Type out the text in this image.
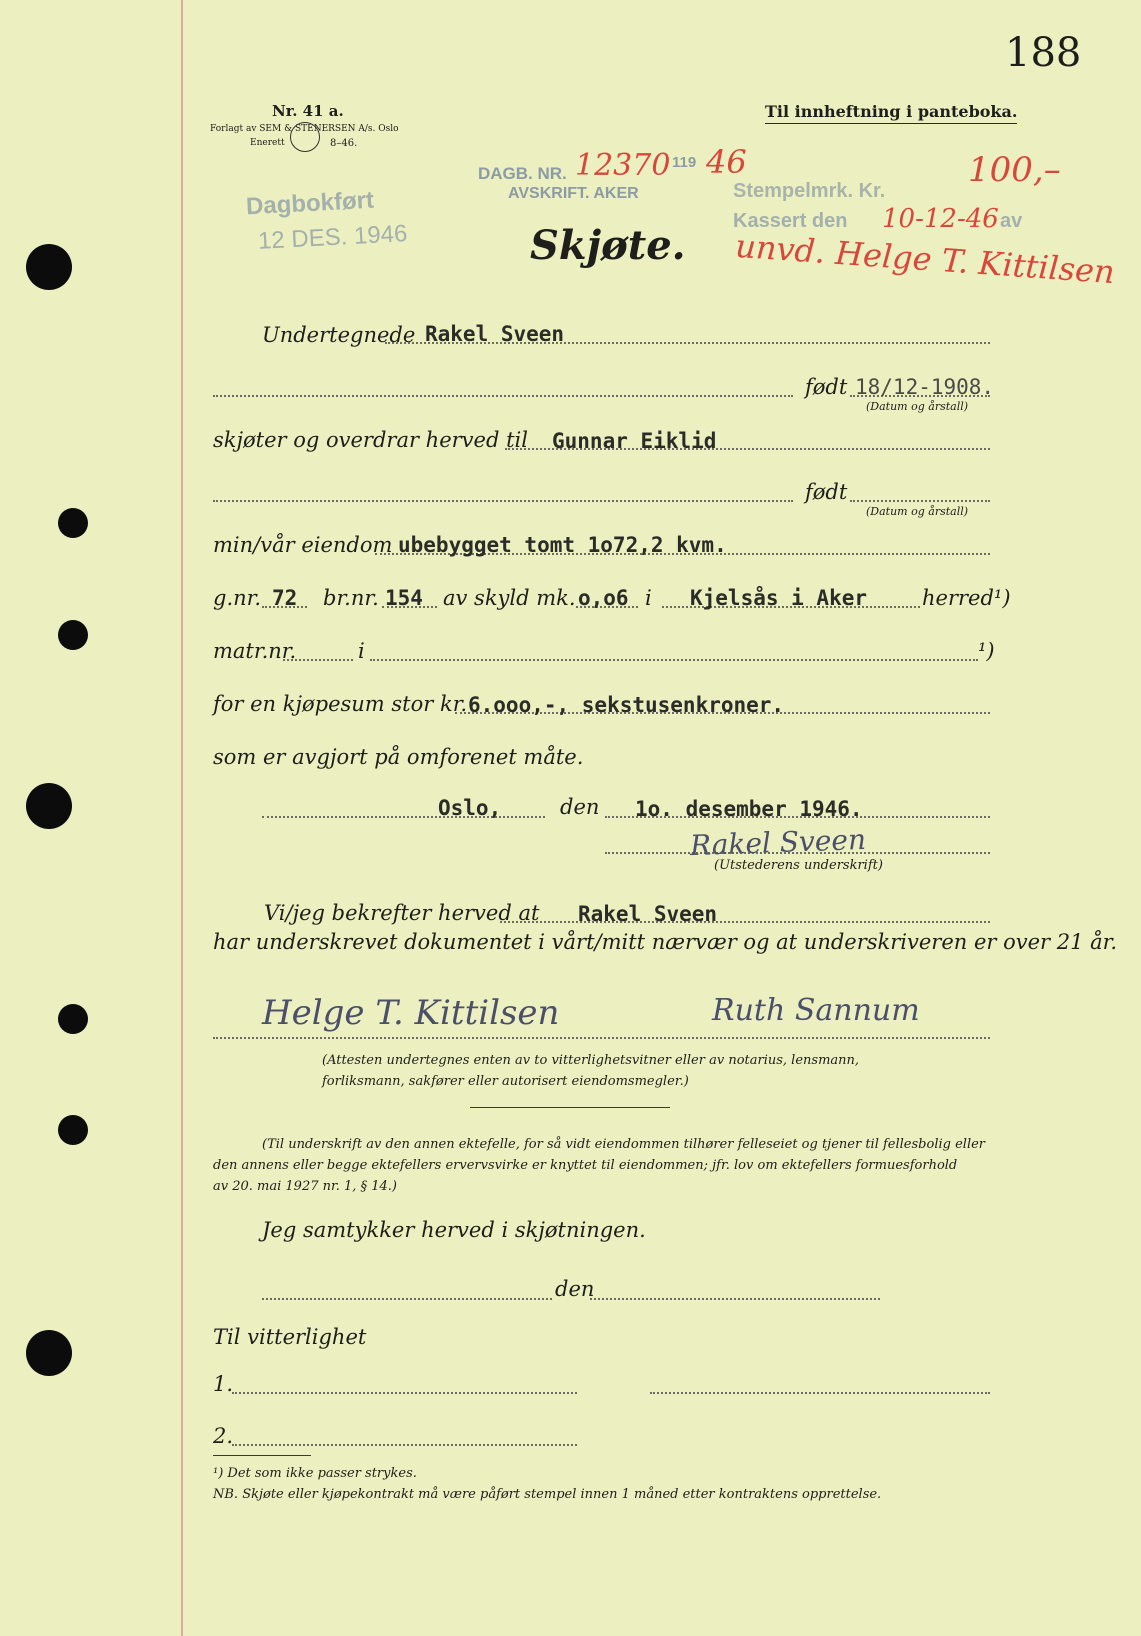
188
Nr. 41 a.
Forlagt av SEM & STENERSEN A/s. Oslo
Enerett	8–46.
Til innheftning i panteboka.
DAGB. NR. 12370 119 46
AVSKRIFT. AKER
Dagbokført
12 DES. 1946
Stempelmrk. Kr.
100,–
Kassert den 10-12-46 av
unvd. Helge T. Kittilsen
Skjøte.
Undertegnede Rakel Sveen
født 18/12-1908.
(Datum og årstall)
skjøter og overdrar herved til Gunnar Eiklid
født
(Datum og årstall)
min/vår eiendom ubebygget tomt 1o72,2 kvm.
g.nr. 72 br.nr. 154 av skyld mk. o,o6 i Kjelsås i Aker	herred¹)
matr.nr.	i	¹)
for en kjøpesum stor kr. 6.ooo,-, sekstusenkroner.
som er avgjort på omforenet måte.
Oslo,	den 1o. desember 1946.
Rakel Sveen
(Utstederens underskrift)
Vi/jeg bekrefter herved at Rakel Sveen
har underskrevet dokumentet i vårt/mitt nærvær og at underskriveren er over 21 år.
Helge T. Kittilsen	Ruth Sannum
(Attesten undertegnes enten av to vitterlighetsvitner eller av notarius, lensmann,
forliksmann, sakfører eller autorisert eiendomsmegler.)
(Til underskrift av den annen ektefelle, for så vidt eiendommen tilhører felleseiet og tjener til fellesbolig eller
den annens eller begge ektefellers ervervsvirke er knyttet til eiendommen; jfr. lov om ektefellers formuesforhold
av 20. mai 1927 nr. 1, § 14.)
Jeg samtykker herved i skjøtningen.
den
Til vitterlighet
1.
2.
¹) Det som ikke passer strykes.
NB. Skjøte eller kjøpekontrakt må være påført stempel innen 1 måned etter kontraktens opprettelse.
